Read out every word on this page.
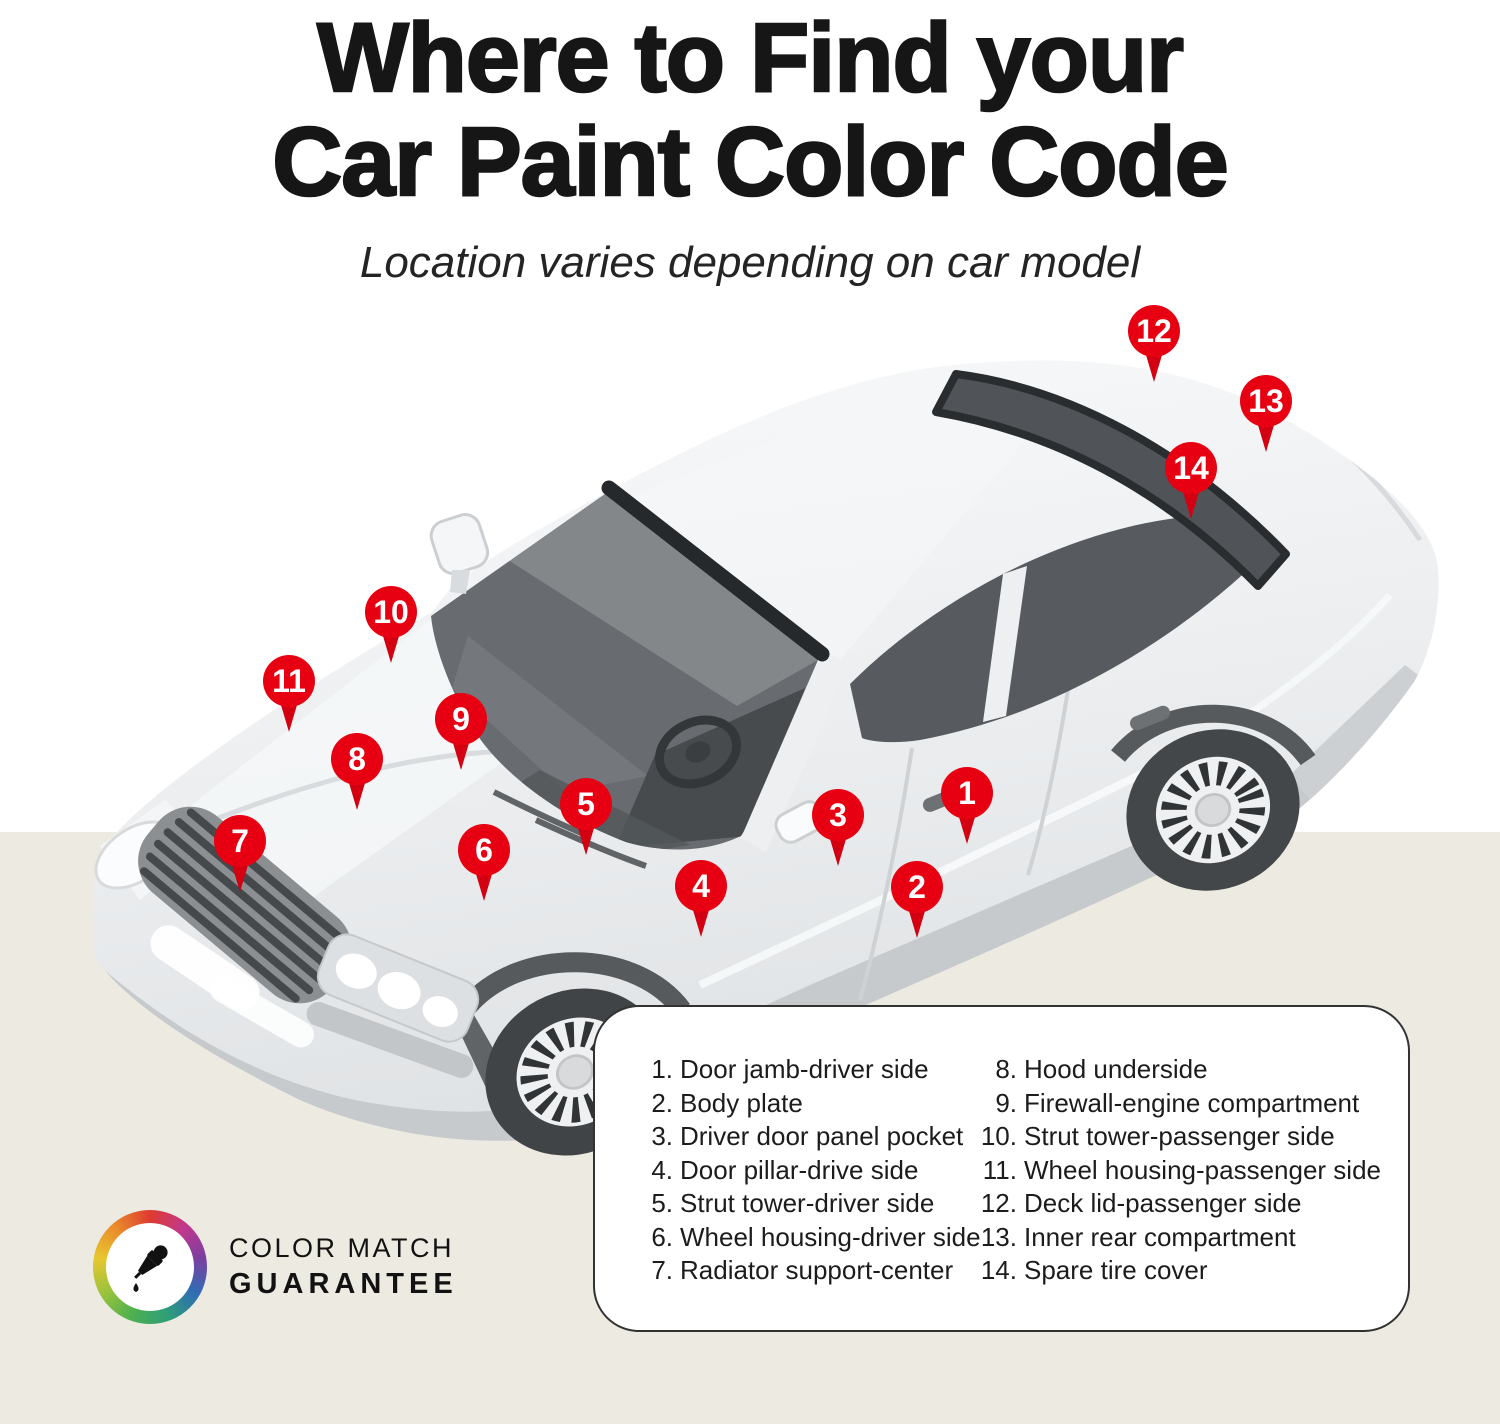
Where to Find your
Car Paint Color Code
Location varies depending on car model
1
2
3
4
5
6
7
8
9
10
11
12
13
14
1. Door jamb-driver side
2. Body plate
3. Driver door panel pocket
4. Door pillar-drive side
5. Strut tower-driver side
6. Wheel housing-driver side
7. Radiator support-center
8. Hood underside
9. Firewall-engine compartment
10. Strut tower-passenger side
11. Wheel housing-passenger side
12. Deck lid-passenger side
13. Inner rear compartment
14. Spare tire cover
COLOR MATCH
GUARANTEE
